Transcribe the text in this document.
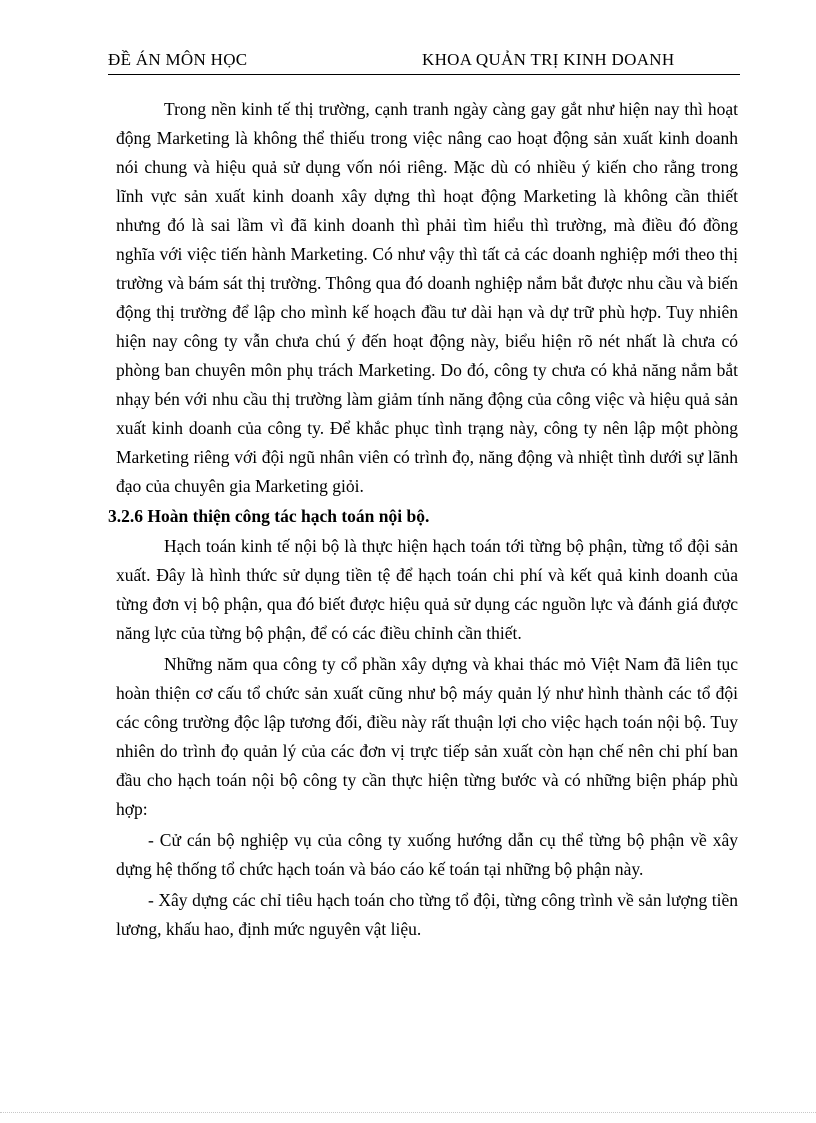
ĐỀ ÁN MÔN HỌC	KHOA QUẢN TRỊ KINH DOANH

Trong nền kinh tế thị trường, cạnh tranh ngày càng gay gắt như hiện nay thì hoạt động Marketing là không thể thiếu trong việc nâng cao hoạt động sản xuất kinh doanh nói chung và hiệu quả sử dụng vốn nói riêng. Mặc dù có nhiều ý kiến cho rằng trong lĩnh vực sản xuất kinh doanh xây dựng thì hoạt động Marketing là không cần thiết nhưng đó là sai lầm vì đã kinh doanh thì phải tìm hiểu thì trường, mà điều đó đồng nghĩa với việc tiến hành Marketing. Có như vậy thì tất cả các doanh nghiệp mới theo thị trường và bám sát thị trường. Thông qua đó doanh nghiệp nắm bắt được nhu cầu và biến động thị trường để lập cho mình kế hoạch đầu tư dài hạn và dự trữ phù hợp. Tuy nhiên hiện nay công ty vẫn chưa chú ý đến hoạt động này, biểu hiện rõ nét nhất là chưa có phòng ban chuyên môn phụ trách Marketing. Do đó, công ty chưa có khả năng nắm bắt nhạy bén với nhu cầu thị trường làm giảm tính năng động của công việc và hiệu quả sản xuất kinh doanh của công ty. Để khắc phục tình trạng này, công ty nên lập một phòng Marketing riêng với đội ngũ nhân viên có trình đọ, năng động và nhiệt tình dưới sự lãnh đạo của chuyên gia Marketing giỏi.

3.2.6 Hoàn thiện công tác hạch toán nội bộ.

Hạch toán kinh tế nội bộ là thực hiện hạch toán tới từng bộ phận, từng tổ đội sản xuất. Đây là hình thức sử dụng tiền tệ để hạch toán chi phí và kết quả kinh doanh của từng đơn vị bộ phận, qua đó biết được hiệu quả sử dụng các nguồn lực và đánh giá được năng lực của từng bộ phận, để có các điều chỉnh cần thiết.

Những năm qua công ty cổ phần xây dựng và khai thác mỏ Việt Nam đã liên tục hoàn thiện cơ cấu tổ chức sản xuất cũng như bộ máy quản lý như hình thành các tổ đội các công trường độc lập tương đối, điều này rất thuận lợi cho việc hạch toán nội bộ. Tuy nhiên do trình đọ quản lý của các đơn vị trực tiếp sản xuất còn hạn chế nên chi phí ban đầu cho hạch toán nội bộ công ty cần thực hiện từng bước và có những biện pháp phù hợp:

- Cử cán bộ nghiệp vụ của công ty xuống hướng dẫn cụ thể từng bộ phận về xây dựng hệ thống tổ chức hạch toán và báo cáo kế toán tại những bộ phận này.

- Xây dựng các chỉ tiêu hạch toán cho từng tổ đội, từng công trình về sản lượng tiền lương, khấu hao, định mức nguyên vật liệu.
